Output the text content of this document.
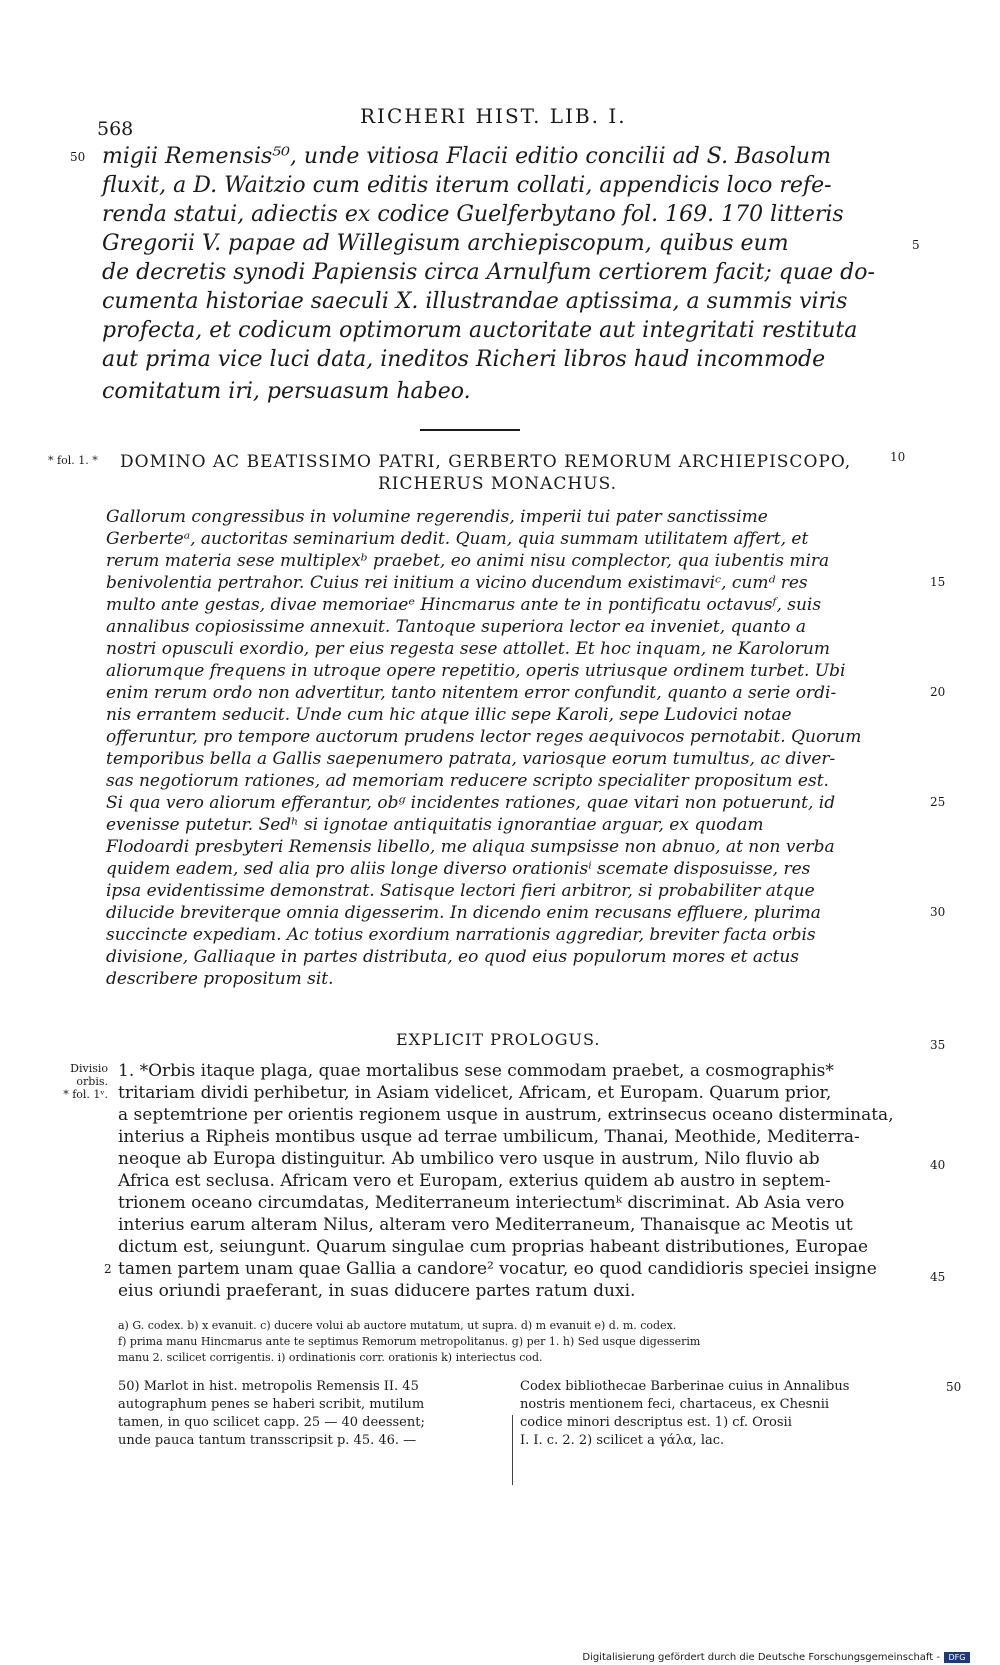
568
RICHERI HIST. LIB. I.
50
5
migii Remensis⁵⁰, unde vitiosa Flacii editio concilii ad S. Basolum
fluxit, a D. Waitzio cum editis iterum collati, appendicis loco refe-
renda statui, adiectis ex codice Guelferbytano fol. 169. 170 litteris
Gregorii V. papae ad Willegisum archiepiscopum, quibus eum
de decretis synodi Papiensis circa Arnulfum certiorem facit; quae do-
cumenta historiae saeculi X. illustrandae aptissima, a summis viris
profecta, et codicum optimorum auctoritate aut integritati restituta
aut prima vice luci data, ineditos Richeri libros haud incommode
comitatum iri, persuasum habeo.
* fol. 1. * DOMINO AC BEATISSIMO PATRI, GERBERTO REMORUM ARCHIEPISCOPO,	10
RICHERUS MONACHUS.
Gallorum congressibus in volumine regerendis, imperii tui pater sanctissime
Gerberteᵃ, auctoritas seminarium dedit. Quam, quia summam utilitatem affert, et
rerum materia sese multiplexᵇ praebet, eo animi nisu complector, qua iubentis mira
benivolentia pertrahor. Cuius rei initium a vicino ducendum existimaviᶜ, cumᵈ res
multo ante gestas, divae memoriaeᵉ Hincmarus ante te in pontificatu octavusᶠ, suis
annalibus copiosissime annexuit. Tantoque superiora lector ea inveniet, quanto a
nostri opusculi exordio, per eius regesta sese attollet. Et hoc inquam, ne Karolorum
aliorumque frequens in utroque opere repetitio, operis utriusque ordinem turbet. Ubi
enim rerum ordo non advertitur, tanto nitentem error confundit, quanto a serie ordi-
nis errantem seducit. Unde cum hic atque illic sepe Karoli, sepe Ludovici notae
offeruntur, pro tempore auctorum prudens lector reges aequivocos pernotabit. Quorum
temporibus bella a Gallis saepenumero patrata, variosque eorum tumultus, ac diver-
sas negotiorum rationes, ad memoriam reducere scripto specialiter propositum est.
Si qua vero aliorum efferantur, obᵍ incidentes rationes, quae vitari non potuerunt, id
evenisse putetur. Sedʰ si ignotae antiquitatis ignorantiae arguar, ex quodam
Flodoardi presbyteri Remensis libello, me aliqua sumpsisse non abnuo, at non verba
quidem eadem, sed alia pro aliis longe diverso orationisⁱ scemate disposuisse, res
ipsa evidentissime demonstrat. Satisque lectori fieri arbitror, si probabiliter atque
dilucide breviterque omnia digesserim. In dicendo enim recusans effluere, plurima
succincte expediam. Ac totius exordium narrationis aggrediar, breviter facta orbis
divisione, Galliaque in partes distributa, eo quod eius populorum mores et actus
describere propositum sit.
15
20
25
30
EXPLICIT PROLOGUS.
Divisio
orbis.
* fol. 1ᵛ.
1. *Orbis itaque plaga, quae mortalibus sese commodam praebet, a cosmographis*
tritariam dividi perhibetur, in Asiam videlicet, Africam, et Europam. Quarum prior,
a septemtrione per orientis regionem usque in austrum, extrinsecus oceano disterminata,
interius a Ripheis montibus usque ad terrae umbilicum, Thanai, Meothide, Mediterra-
neoque ab Europa distinguitur. Ab umbilico vero usque in austrum, Nilo fluvio ab
Africa est seclusa. Africam vero et Europam, exterius quidem ab austro in septem-
trionem oceano circumdatas, Mediterraneum interiectumᵏ discriminat. Ab Asia vero
interius earum alteram Nilus, alteram vero Mediterraneum, Thanaisque ac Meotis ut
dictum est, seiungunt. Quarum singulae cum proprias habeant distributiones, Europae
tamen partem unam quae Gallia a candore² vocatur, eo quod candidioris speciei insigne
eius oriundi praeferant, in suas diducere partes ratum duxi.
2
35
40
45
a) G. codex. b) x evanuit. c) ducere volui ab auctore mutatum, ut supra. d) m evanuit e) d. m. codex.
f) prima manu Hincmarus ante te septimus Remorum metropolitanus. g) per 1. h) Sed usque digesserim
manu 2. scilicet corrigentis. i) ordinationis corr. orationis k) interiectus cod.
50) Marlot in hist. metropolis Remensis II. 45
autographum penes se haberi scribit, mutilum
tamen, in quo scilicet capp. 25 — 40 deessent;
unde pauca tantum transscripsit p. 45. 46. —
Codex bibliothecae Barberinae cuius in Annalibus
nostris mentionem feci, chartaceus, ex Chesnii
codice minori descriptus est. 1) cf. Orosii
I. I. c. 2. 2) scilicet a γάλα, lac.
50
Digitalisierung gefördert durch die Deutsche Forschungsgemeinschaft -	DFG
